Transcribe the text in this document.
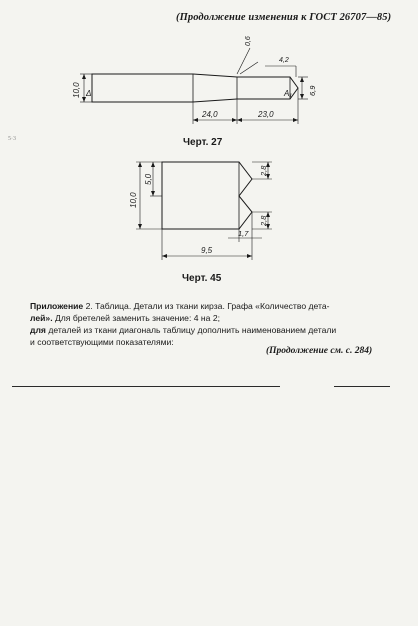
(Продолжение изменения к ГОСТ 26707—85)
5·3
10,0 Δ
0,6
4,2
A₁ 6,9
24,0	23,0
Черт. 27
10,0
5,0
2,8
2,8
1,7
9,5
Черт. 45

Приложение 2. Таблица. Детали из ткани кирза. Графа «Количество дета-

лей». Для бретелей заменить значение: 4 на 2;

для деталей из ткани диагональ таблицу дополнить наименованием детали

и соответствующими показателями:

(Продолжение см. с. 284)
